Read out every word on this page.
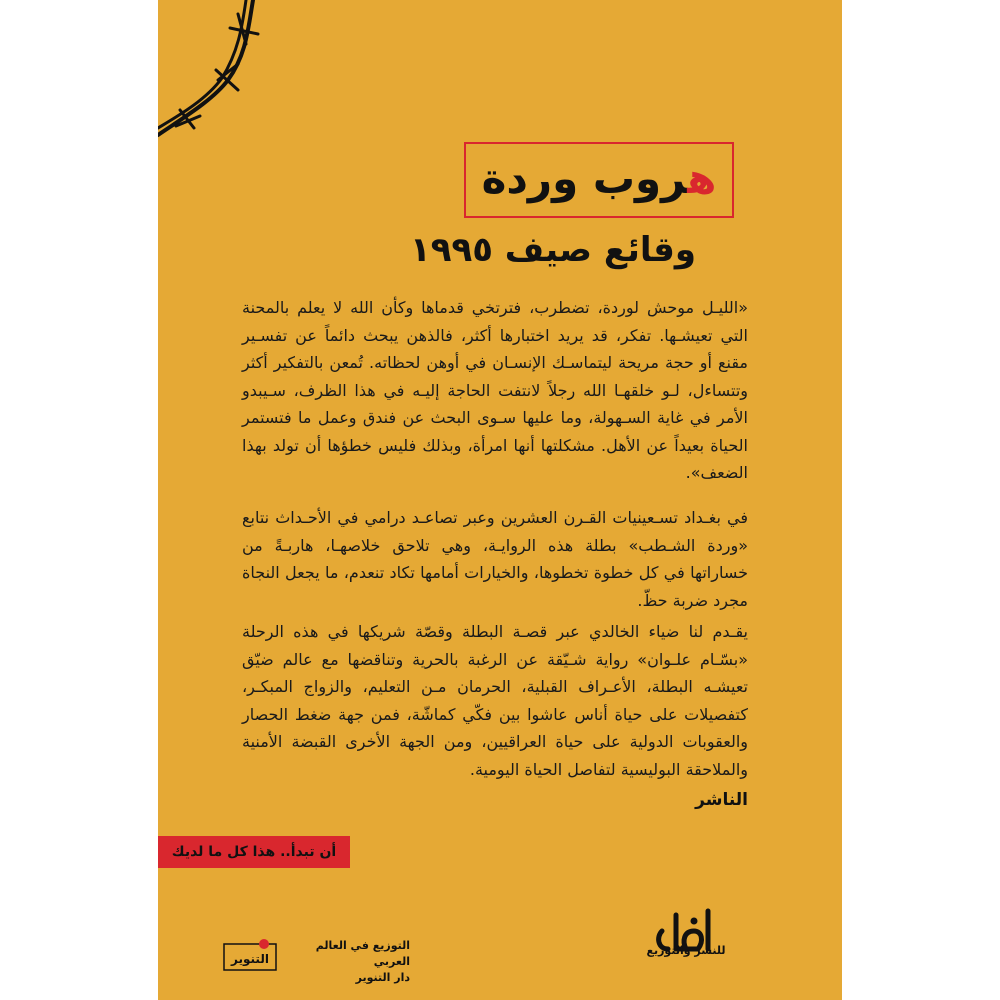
هروب وردة
وقائع صيف ١٩٩٥
«الليـل موحش لوردة، تضطرب، فترتخي قدماها وكأن الله لا يعلم بالمحنة التي تعيشـها. تفكر، قد يريد اختبارها أكثر، فالذهن يبحث دائماً عن تفسـير مقنع أو حجة مريحة ليتماسـك الإنسـان في أوهن لحظاته. تُمعن بالتفكير أكثر وتتساءل، لـو خلقهـا الله رجلاً لانتفت الحاجة إليـه في هذا الظرف، سـيبدو الأمر في غاية السـهولة، وما عليها سـوى البحث عن فندق وعمل ما فتستمر الحياة بعيداً عن الأهل. مشكلتها أنها امرأة، وبذلك فليس خطؤها أن تولد بهذا الضعف».
في بغـداد تسـعينيات القـرن العشرين وعبر تصاعـد درامي في الأحـداث نتابع «وردة الشـطب» بطلة هذه الروايـة، وهي تلاحق خلاصهـا، هاربـةً من خساراتها في كل خطوة تخطوها، والخيارات أمامها تكاد تنعدم، ما يجعل النجاة مجرد ضربة حظّ.
يقـدم لنا ضياء الخالدي عبر قصـة البطلة وقصّة شريكها في هذه الرحلة «بسّـام علـوان» رواية شـيّقة عن الرغبة بالحرية وتناقضها مع عالم ضيّق تعيشـه البطلة، الأعـراف القبلية، الحرمان مـن التعليم، والزواج المبكـر، كتفصيلات على حياة أناس عاشوا بين فكّي كماشّة، فمن جهة ضغط الحصار والعقوبات الدولية على حياة العراقيين، ومن الجهة الأخرى القبضة الأمنية والملاحقة البوليسية لتفاصل الحياة اليومية.
الناشر
أن تبدأ.. هذا كل ما لديك
التنوير
التوزيع في العالم العربي
دار التنوير
للنشر والتوزيع
